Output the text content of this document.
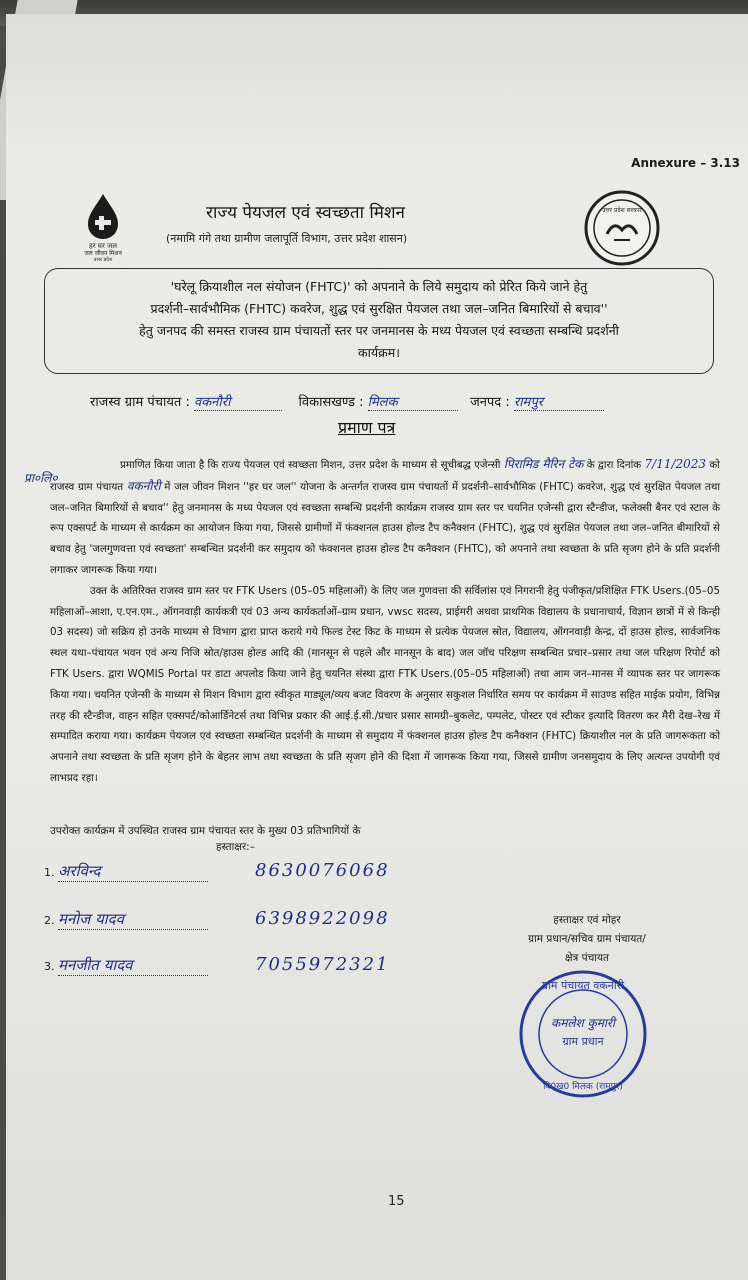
Annexure – 3.13
हर घर जल
जल जीवन मिशन
उत्तर प्रदेश
उत्तर प्रदेश सरकार
राज्य पेयजल एवं स्वच्छता मिशन
(नमामि गंगे तथा ग्रामीण जलापूर्ति विभाग, उत्तर प्रदेश शासन)
'घरेलू क्रियाशील नल संयोजन (FHTC)' को अपनाने के लिये समुदाय को प्रेरित किये जाने हेतु
प्रदर्शनी–सार्वभौमिक (FHTC) कवरेज, शुद्ध एवं सुरक्षित पेयजल तथा जल–जनित बिमारियों से बचाव''
हेतु जनपद की समस्त राजस्व ग्राम पंचायतों स्तर पर जनमानस के मध्य पेयजल एवं स्वच्छता सम्बन्धि प्रदर्शनी
कार्यक्रम।
राजस्व ग्राम पंचायत : वकनौरी	विकासखण्ड : मिलक	जनपद : रामपुर
प्रमाण पत्र
प्रा०लि०

प्रमाणित किया जाता है कि राज्य पेयजल एवं स्वच्छता मिशन, उत्तर प्रदेश के माध्यम से सूचीबद्ध एजेन्सी पिरामिड मैरिन टेक के द्वारा दिनांक 7/11/2023 को राजस्व ग्राम पंचायत वकनौरी में जल जीवन मिशन ''हर घर जल'' योजना के अन्तर्गत राजस्व ग्राम पंचायतों में प्रदर्शनी–सार्वभौमिक (FHTC) कवरेज, शुद्ध एवं सुरक्षित पेयजल तथा जल–जनित बिमारियों से बचाव'' हेतु जनमानस के मध्य पेयजल एवं स्वच्छता सम्बन्धि प्रदर्शनी कार्यक्रम राजस्व ग्राम स्तर पर चयनित एजेन्सी द्वारा स्टैन्डीज, फलेक्सी बैनर एवं स्टाल के रूप एक्सपर्ट के माध्यम से कार्यक्रम का आयोजन किया गया, जिससे ग्रामीणों में फंक्शनल हाउस होल्ड टैप कनैक्शन (FHTC), शुद्ध एवं सुरक्षित पेयजल तथा जल–जनित बीमारियों से बचाव हेतु 'जलगुणवत्ता एवं स्वच्छता' सम्बन्धित प्रदर्शनी कर समुदाय को फंक्शनल हाउस होल्ड टैप कनैक्शन (FHTC), को अपनाने तथा स्वच्छता के प्रति सृजग होने के प्रति प्रदर्शनी लगाकर जागरूक किया गया।

उक्त के अतिरिक्त राजस्व ग्राम स्तर पर FTK Users (05–05 महिलाओं) के लिए जल गुणवत्ता की सर्विलांस एवं निगरानी हेतु पंजीकृत/प्रशिक्षित FTK Users.(05–05 महिलाओं–आशा, ए.एन.एम., ऑगनवाड़ी कार्यकत्री एवं 03 अन्य कार्यकर्ताओं–ग्राम प्रधान, vwsc सदस्य, प्राईमरी अथवा प्राथमिक विद्यालय के प्रधानाचार्य, विज्ञान छात्रों में से किन्ही 03 सदस्य) जो सक्रिय हो उनके माध्यम से विभाग द्वारा प्राप्त कराये गये फिल्ड टेस्ट किट के माध्यम से प्रत्येक पेयजल स्रोत, विद्यालय, ऑगनवाड़ी केन्द्र, दों हाउस होल्ड, सार्वजनिक स्थल यथा–पंचायत भवन एवं अन्य निजि स्रोत/हाउस होल्ड आदि की (मानसून से पहले और मानसून के बाद) जल जॉच परिक्षण सम्बन्धित प्रचार–प्रसार तथा जल परिक्षण रिपोर्ट को FTK Users. द्वारा WQMIS Portal पर डाटा अपलोड किया जाने हेतु चयनित संस्था द्वारा FTK Users.(05–05 महिलाओं) तथा आम जन–मानस में व्यापक स्तर पर जागरूक किया गया। चयनित एजेन्सी के माध्यम से मिशन विभाग द्वारा स्वीकृत माड्यूल/व्यय बजट विवरण के अनुसार सकुशल निर्धारित समय पर कार्यक्रम में साउण्ड सहित माईक प्रयोग, विभिन्न तरह की स्टैन्डीज, वाहन सहित एक्सपर्ट/कोआर्डिनेटर्स तथा विभिन्न प्रकार की आई.ई.सी./प्रचार प्रसार सामग्री–बुकलेट, पम्पलेट, पोस्टर एवं स्टीकर इत्यादि वितरण कर मैरी देख–रेख में सम्पादित कराया गया। कार्यक्रम पेयजल एवं स्वच्छता सम्बन्धित प्रदर्शनी के माध्यम से समुदाय में फंक्शनल हाउस होल्ड टैप कनैक्शन (FHTC) क्रियाशील नल के प्रति जागरूकता को अपनाने तथा स्वच्छता के प्रति सृजग होने के बेहतर लाभ तथा स्वच्छता के प्रति सृजग होने की दिशा में जागरूक किया गया, जिससे ग्रामीण जनसमुदाय के लिए अत्यन्त उपयोगी एवं लाभप्रद रहा।

उपरोक्त कार्यक्रम में उपस्थित राजस्व ग्राम पंचायत स्तर के मुख्य 03 प्रतिभागियों के
हस्ताक्षर:–
1. अरविन्द	8630076068
2. मनोज यादव	6398922098
3. मनजीत यादव	7055972321
हस्ताक्षर एवं मोहर
ग्राम प्रधान/सचिव ग्राम पंचायत/
क्षेत्र पंचायत
ग्राम पंचायत वकनौरी
कमलेश कुमारी
ग्राम प्रधान
वि0ख0 मिलक (रामपुर)
15
